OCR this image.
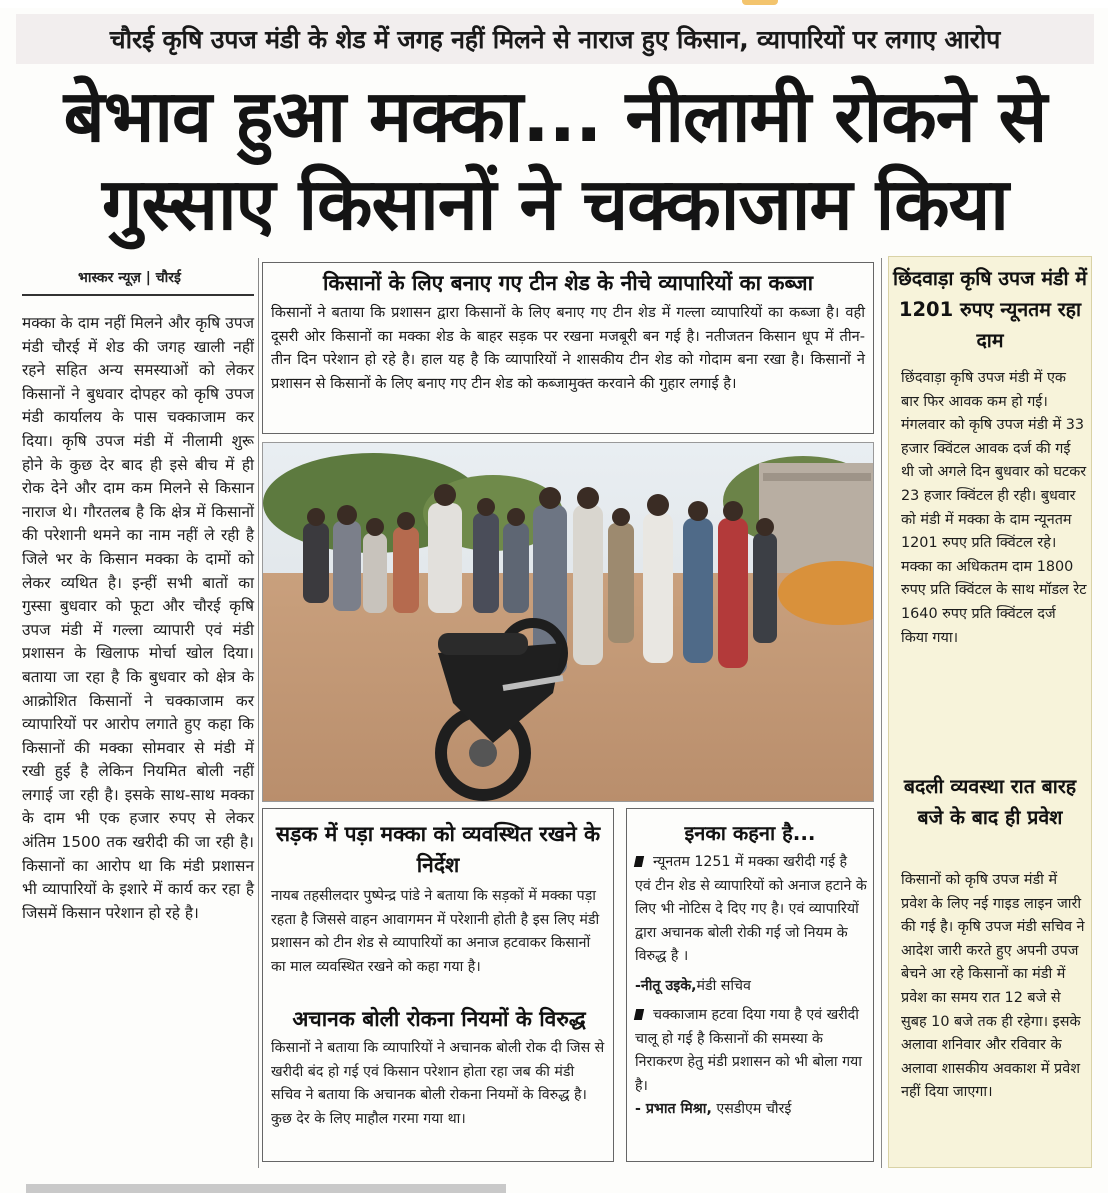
चौरई कृषि उपज मंडी के शेड में जगह नहीं मिलने से नाराज हुए किसान, व्यापारियों पर लगाए आरोप
बेभाव हुआ मक्का... नीलामी रोकने से
गुस्साए किसानों ने चक्काजाम किया
भास्कर न्यूज़ | चौरई
मक्का के दाम नहीं मिलने और कृषि उपज मंडी चौरई में शेड की जगह खाली नहीं रहने सहित अन्य समस्याओं को लेकर किसानों ने बुधवार दोपहर को कृषि उपज मंडी कार्यालय के पास चक्काजाम कर दिया। कृषि उपज मंडी में नीलामी शुरू होने के कुछ देर बाद ही इसे बीच में ही रोक देने और दाम कम मिलने से किसान नाराज थे। गौरतलब है कि क्षेत्र में किसानों की परेशानी थमने का नाम नहीं ले रही है जिले भर के किसान मक्का के दामों को लेकर व्यथित है। इन्हीं सभी बातों का गुस्सा बुधवार को फूटा और चौरई कृषि उपज मंडी में गल्ला व्यापारी एवं मंडी प्रशासन के खिलाफ मोर्चा खोल दिया। बताया जा रहा है कि बुधवार को क्षेत्र के आक्रोशित किसानों ने चक्काजाम कर व्यापारियों पर आरोप लगाते हुए कहा कि किसानों की मक्का सोमवार से मंडी में रखी हुई है लेकिन नियमित बोली नहीं लगाई जा रही है। इसके साथ-साथ मक्का के दाम भी एक हजार रुपए से लेकर अंतिम 1500 तक खरीदी की जा रही है। किसानों का आरोप था कि मंडी प्रशासन भी व्यापारियों के इशारे में कार्य कर रहा है जिसमें किसान परेशान हो रहे है।
किसानों के लिए बनाए गए टीन शेड के नीचे व्यापारियों का कब्जा
किसानों ने बताया कि प्रशासन द्वारा किसानों के लिए बनाए गए टीन शेड में गल्ला व्यापारियों का कब्जा है। वही दूसरी ओर किसानों का मक्का शेड के बाहर सड़क पर रखना मजबूरी बन गई है। नतीजतन किसान धूप में तीन- तीन दिन परेशान हो रहे है। हाल यह है कि व्यापारियों ने शासकीय टीन शेड को गोदाम बना रखा है। किसानों ने प्रशासन से किसानों के लिए बनाए गए टीन शेड को कब्जामुक्त करवाने की गुहार लगाई है।
सड़क में पड़ा मक्का को व्यवस्थित रखने के निर्देश
नायब तहसीलदार पुष्पेन्द्र पांडे ने बताया कि सड़कों में मक्का पड़ा रहता है जिससे वाहन आवागमन में परेशानी होती है इस लिए मंडी प्रशासन को टीन शेड से व्यापारियों का अनाज हटवाकर किसानों का माल व्यवस्थित रखने को कहा गया है।
अचानक बोली रोकना नियमों के विरुद्ध
किसानों ने बताया कि व्यापारियों ने अचानक बोली रोक दी जिस से खरीदी बंद हो गई एवं किसान परेशान होता रहा जब की मंडी सचिव ने बताया कि अचानक बोली रोकना नियमों के विरुद्ध है। कुछ देर के लिए माहौल गरमा गया था।
इनका कहना है...

न्यूनतम 1251 में मक्का खरीदी गई है एवं टीन शेड से व्यापारियों को अनाज हटाने के लिए भी नोटिस दे दिए गए है। एवं व्यापारियों द्वारा अचानक बोली रोकी गई जो नियम के विरुद्ध है ।

-नीतू उइके,मंडी सचिव

चक्काजाम हटवा दिया गया है एवं खरीदी चालू हो गई है किसानों की समस्या के निराकरण हेतु मंडी प्रशासन को भी बोला गया है।

- प्रभात मिश्रा, एसडीएम चौरई

छिंदवाड़ा कृषि उपज मंडी में 1201 रुपए न्यूनतम रहा दाम
छिंदवाड़ा कृषि उपज मंडी में एक बार फिर आवक कम हो गई। मंगलवार को कृषि उपज मंडी में 33 हजार क्विंटल आवक दर्ज की गई थी जो अगले दिन बुधवार को घटकर 23 हजार क्विंटल ही रही। बुधवार को मंडी में मक्का के दाम न्यूनतम 1201 रुपए प्रति क्विंटल रहे। मक्का का अधिकतम दाम 1800 रुपए प्रति क्विंटल के साथ मॉडल रेट 1640 रुपए प्रति क्विंटल दर्ज किया गया।
बदली व्यवस्था रात बारह बजे के बाद ही प्रवेश
किसानों को कृषि उपज मंडी में प्रवेश के लिए नई गाइड लाइन जारी की गई है। कृषि उपज मंडी सचिव ने आदेश जारी करते हुए अपनी उपज बेचने आ रहे किसानों का मंडी में प्रवेश का समय रात 12 बजे से सुबह 10 बजे तक ही रहेगा। इसके अलावा शनिवार और रविवार के अलावा शासकीय अवकाश में प्रवेश नहीं दिया जाएगा।
